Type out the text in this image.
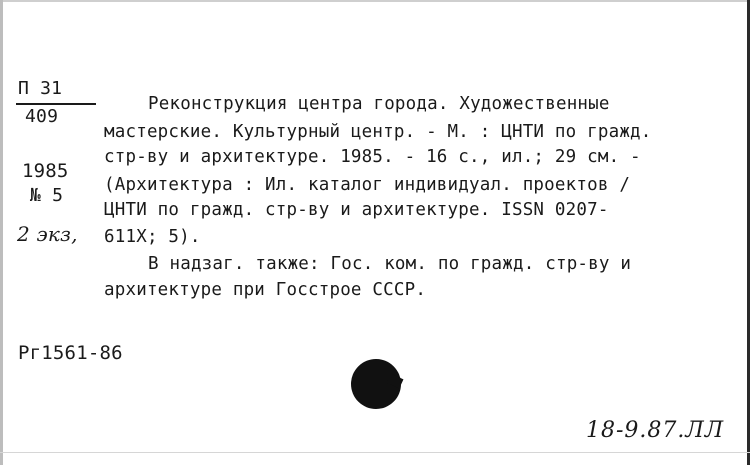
П 31
409
1985
№ 5
2 экз,
Реконструкция центра города. Художественные
мастерские. Культурный центр. - М. : ЦНТИ по гражд.
стр-ву и архитектуре. 1985. - 16 с., ил.; 29 см. -
(Архитектура : Ил. каталог индивидуал. проектов /
ЦНТИ по гражд. стр-ву и архитектуре. ISSN 0207-
611X; 5).
В надзаг. также: Гос. ком. по гражд. стр-ву и
архитектуре при Госстрое СССР.
Рг1561-86
18-9.87.ЛЛ
